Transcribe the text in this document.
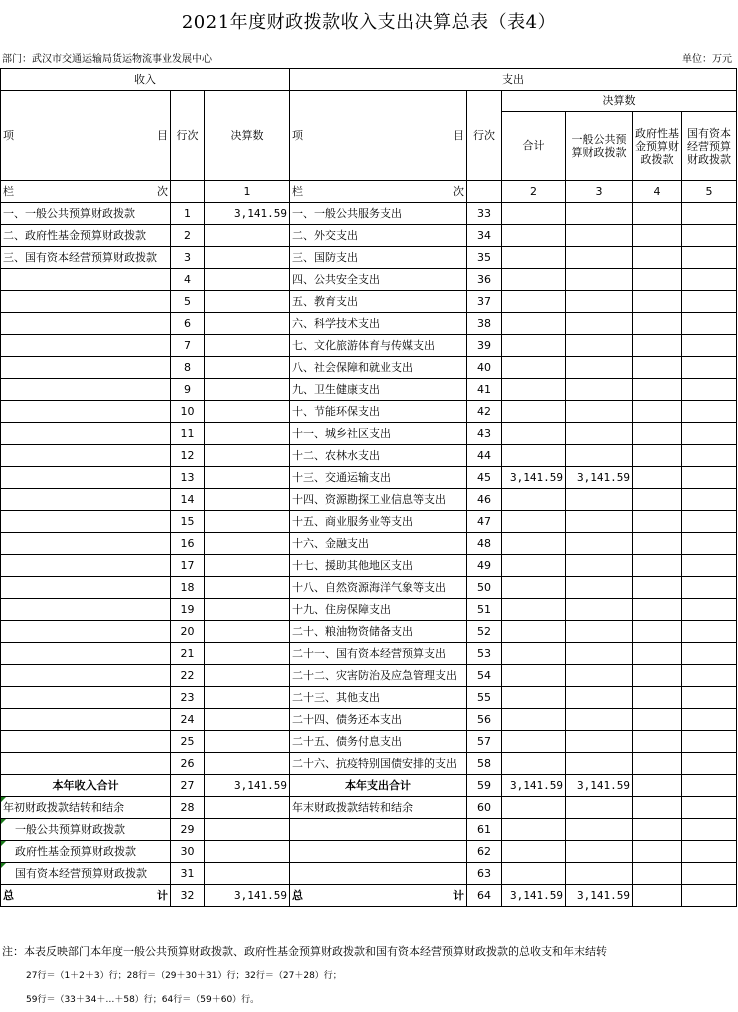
2021年度财政拨款收入支出决算总表（表4）
部门：武汉市交通运输局货运物流事业发展中心	单位：万元
收入			支出					

项 目	行次	决算数	项 目	行次	决算数			
					合计	一般公共预算财政拨款	政府性基金预算财政拨款	国有资本经营预算财政拨款

栏 次		1	栏 次		2	3	4	5
一、一般公共预算财政拨款	1	3,141.59	一、一般公共服务支出	33				
二、政府性基金预算财政拨款	2		二、外交支出	34				
三、国有资本经营预算财政拨款	3		三、国防支出	35				
	4		四、公共安全支出	36				
	5		五、教育支出	37				
	6		六、科学技术支出	38				
	7		七、文化旅游体育与传媒支出	39				
	8		八、社会保障和就业支出	40				
	9		九、卫生健康支出	41				
	10		十、节能环保支出	42				
	11		十一、城乡社区支出	43				
	12		十二、农林水支出	44				
	13		十三、交通运输支出	45	3,141.59	3,141.59		
	14		十四、资源勘探工业信息等支出	46				
	15		十五、商业服务业等支出	47				
	16		十六、金融支出	48				
	17		十七、援助其他地区支出	49				
	18		十八、自然资源海洋气象等支出	50				
	19		十九、住房保障支出	51				
	20		二十、粮油物资储备支出	52				
	21		二十一、国有资本经营预算支出	53				
	22		二十二、灾害防治及应急管理支出	54				
	23		二十三、其他支出	55				
	24		二十四、债务还本支出	56				
	25		二十五、债务付息支出	57				
	26		二十六、抗疫特别国债安排的支出	58				
本年收入合计	27	3,141.59	本年支出合计	59	3,141.59	3,141.59		
年初财政拨款结转和结余	28		年末财政拨款结转和结余	60				
一般公共预算财政拨款	29			61				
政府性基金预算财政拨款	30			62				
国有资本经营预算财政拨款	31			63				

总 计	32	3,141.59	总 计	64	3,141.59	3,141.59		
注：本表反映部门本年度一般公共预算财政拨款、政府性基金预算财政拨款和国有资本经营预算财政拨款的总收支和年末结转
27行＝（1＋2＋3）行；28行＝（29＋30＋31）行；32行＝（27＋28）行；
59行＝（33＋34＋…＋58）行；64行＝（59＋60）行。
